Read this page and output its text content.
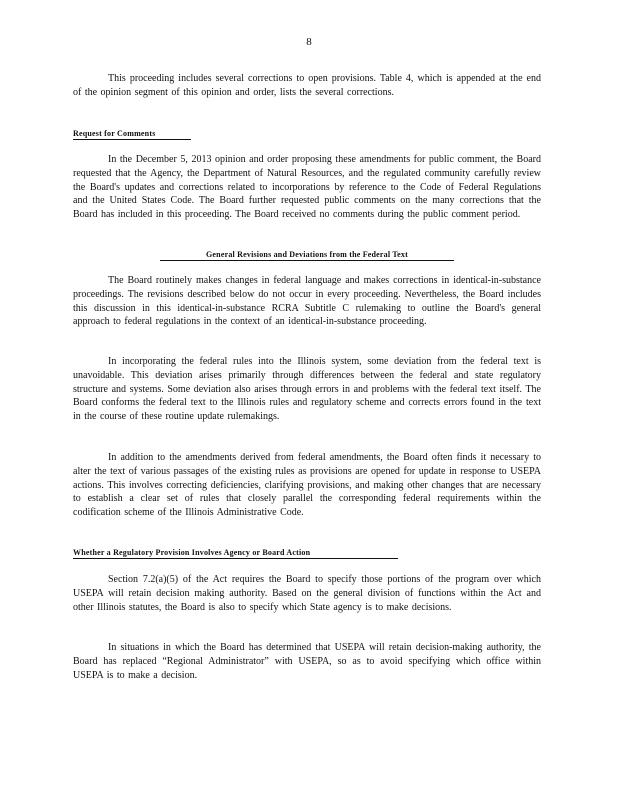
8
This proceeding includes several corrections to open provisions. Table 4, which is appended at the end of the opinion segment of this opinion and order, lists the several corrections.
Request for Comments
In the December 5, 2013 opinion and order proposing these amendments for public comment, the Board requested that the Agency, the Department of Natural Resources, and the regulated community carefully review the Board's updates and corrections related to incorporations by reference to the Code of Federal Regulations and the United States Code. The Board further requested public comments on the many corrections that the Board has included in this proceeding. The Board received no comments during the public comment period.
General Revisions and Deviations from the Federal Text
The Board routinely makes changes in federal language and makes corrections in identical-in-substance proceedings. The revisions described below do not occur in every proceeding. Nevertheless, the Board includes this discussion in this identical-in-substance RCRA Subtitle C rulemaking to outline the Board's general approach to federal regulations in the context of an identical-in-substance proceeding.
In incorporating the federal rules into the Illinois system, some deviation from the federal text is unavoidable. This deviation arises primarily through differences between the federal and state regulatory structure and systems. Some deviation also arises through errors in and problems with the federal text itself. The Board conforms the federal text to the Illinois rules and regulatory scheme and corrects errors found in the text in the course of these routine update rulemakings.
In addition to the amendments derived from federal amendments, the Board often finds it necessary to alter the text of various passages of the existing rules as provisions are opened for update in response to USEPA actions. This involves correcting deficiencies, clarifying provisions, and making other changes that are necessary to establish a clear set of rules that closely parallel the corresponding federal requirements within the codification scheme of the Illinois Administrative Code.
Whether a Regulatory Provision Involves Agency or Board Action
Section 7.2(a)(5) of the Act requires the Board to specify those portions of the program over which USEPA will retain decision making authority. Based on the general division of functions within the Act and other Illinois statutes, the Board is also to specify which State agency is to make decisions.
In situations in which the Board has determined that USEPA will retain decision-making authority, the Board has replaced “Regional Administrator” with USEPA, so as to avoid specifying which office within USEPA is to make a decision.
